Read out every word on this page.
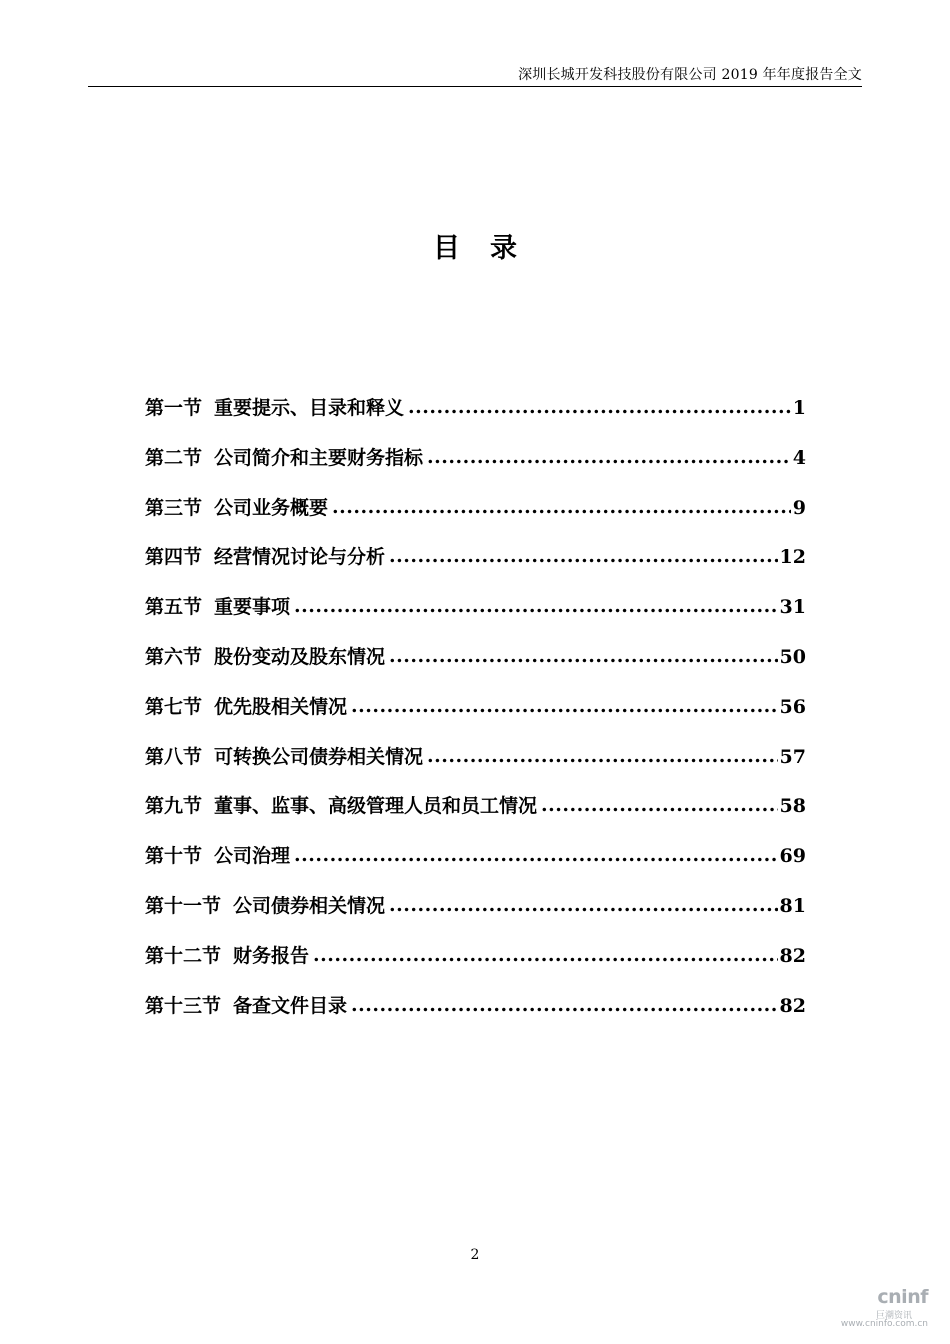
深圳长城开发科技股份有限公司 2019 年年度报告全文
目录
第一节 重要提示、目录和释义 .....	1
第二节 公司简介和主要财务指标 .....	4
第三节 公司业务概要 .....	9
第四节 经营情况讨论与分析 .....	12
第五节 重要事项 .....	31
第六节 股份变动及股东情况 .....	50
第七节 优先股相关情况 .....	56
第八节 可转换公司债券相关情况 .....	57
第九节 董事、监事、高级管理人员和员工情况 .....	58
第十节 公司治理 .....	69
第十一节 公司债券相关情况 .....	81
第十二节 财务报告 .....	82
第十三节 备查文件目录 .....	82
2
cninf
巨潮资讯
www.cninfo.com.cn
